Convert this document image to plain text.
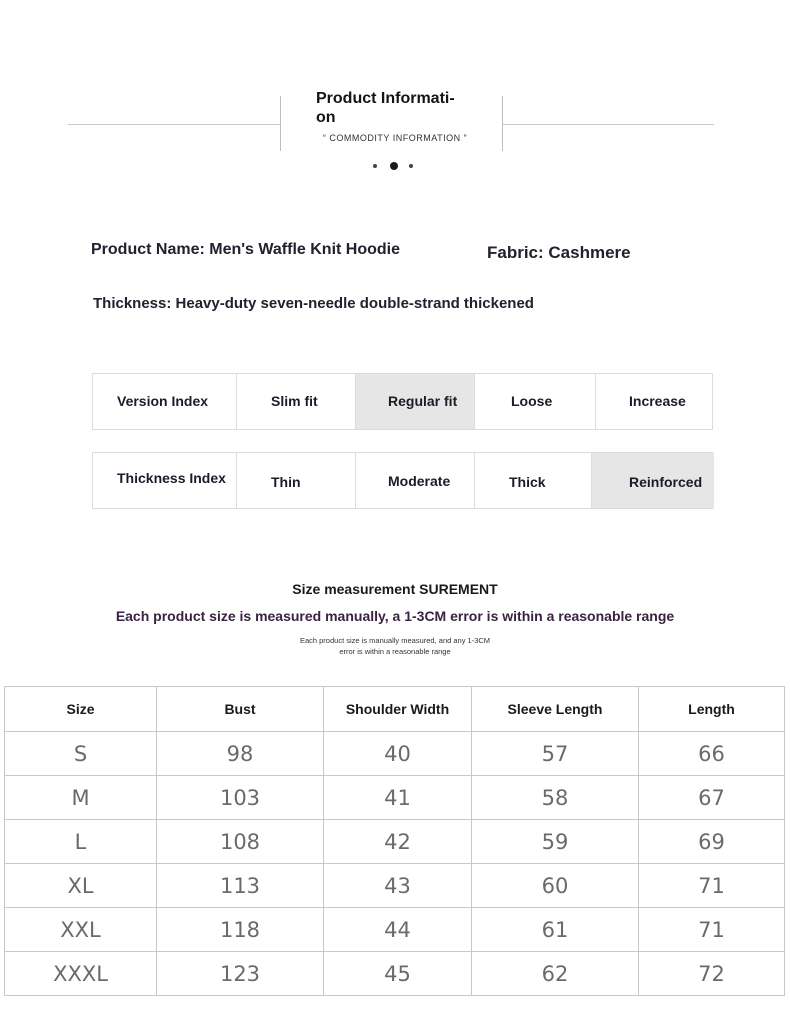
Product Informati-
on
“ COMMODITY INFORMATION ”
Product Name: Men's Waffle Knit Hoodie	Fabric: Cashmere
Thickness: Heavy-duty seven-needle double-strand thickened
Version Index	Slim fit	Regular fit	Loose	Increase
Thickness Index	Thin	Moderate	Thick	Reinforced
Size measurement SUREMENT
Each product size is measured manually, a 1-3CM error is within a reasonable range
Each product size is manually measured, and any 1-3CM
error is within a reasonable range
Size	Bust	Shoulder Width	Sleeve Length	Length
S	98	40	57	66
M	103	41	58	67
L	108	42	59	69
XL	113	43	60	71
XXL	118	44	61	71
XXXL	123	45	62	72
